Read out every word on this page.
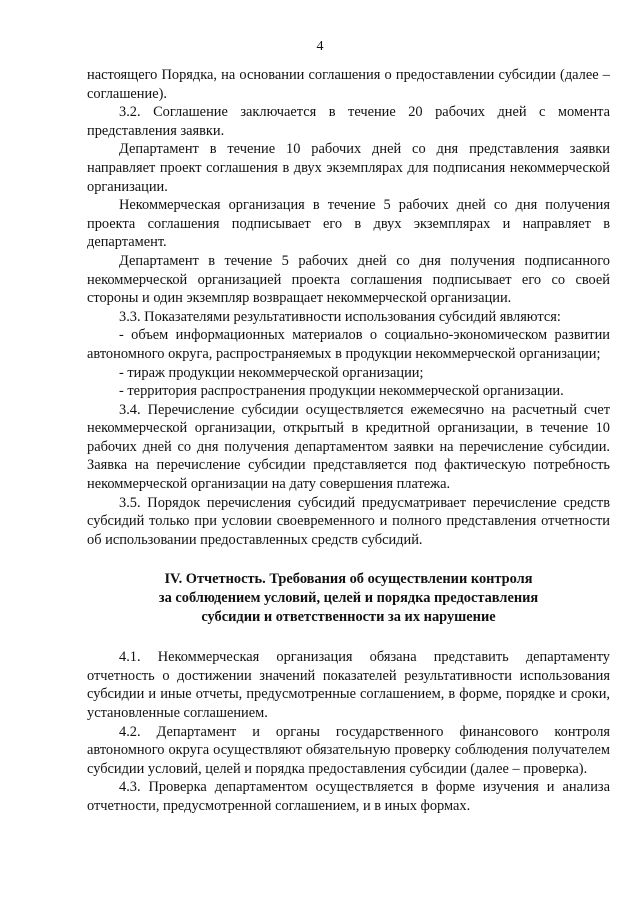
4

настоящего Порядка, на основании соглашения о предоставлении субсидии (далее – соглашение).

3.2. Соглашение заключается в течение 20 рабочих дней с момента представления заявки.

Департамент в течение 10 рабочих дней со дня представления заявки направляет проект соглашения в двух экземплярах для подписания некоммерческой организации.

Некоммерческая организация в течение 5 рабочих дней со дня получения проекта соглашения подписывает его в двух экземплярах и направляет в департамент.

Департамент в течение 5 рабочих дней со дня получения подписанного некоммерческой организацией проекта соглашения подписывает его со своей стороны и один экземпляр возвращает некоммерческой организации.

3.3. Показателями результативности использования субсидий являются:

- объем информационных материалов о социально-экономическом развитии автономного округа, распространяемых в продукции некоммерческой организации;

- тираж продукции некоммерческой организации;

- территория распространения продукции некоммерческой организации.

3.4. Перечисление субсидии осуществляется ежемесячно на расчетный счет некоммерческой организации, открытый в кредитной организации, в течение 10 рабочих дней со дня получения департаментом заявки на перечисление субсидии. Заявка на перечисление субсидии представляется под фактическую потребность некоммерческой организации на дату совершения платежа.

3.5. Порядок перечисления субсидий предусматривает перечисление средств субсидий только при условии своевременного и полного представления отчетности об использовании предоставленных средств субсидий.

IV. Отчетность. Требования об осуществлении контроля
за соблюдением условий, целей и порядка предоставления
субсидии и ответственности за их нарушение

4.1. Некоммерческая организация обязана представить департаменту отчетность о достижении значений показателей результативности использования субсидии и иные отчеты, предусмотренные соглашением, в форме, порядке и сроки, установленные соглашением.

4.2. Департамент и органы государственного финансового контроля автономного округа осуществляют обязательную проверку соблюдения получателем субсидии условий, целей и порядка предоставления субсидии (далее – проверка).

4.3. Проверка департаментом осуществляется в форме изучения и анализа отчетности, предусмотренной соглашением, и в иных формах.
